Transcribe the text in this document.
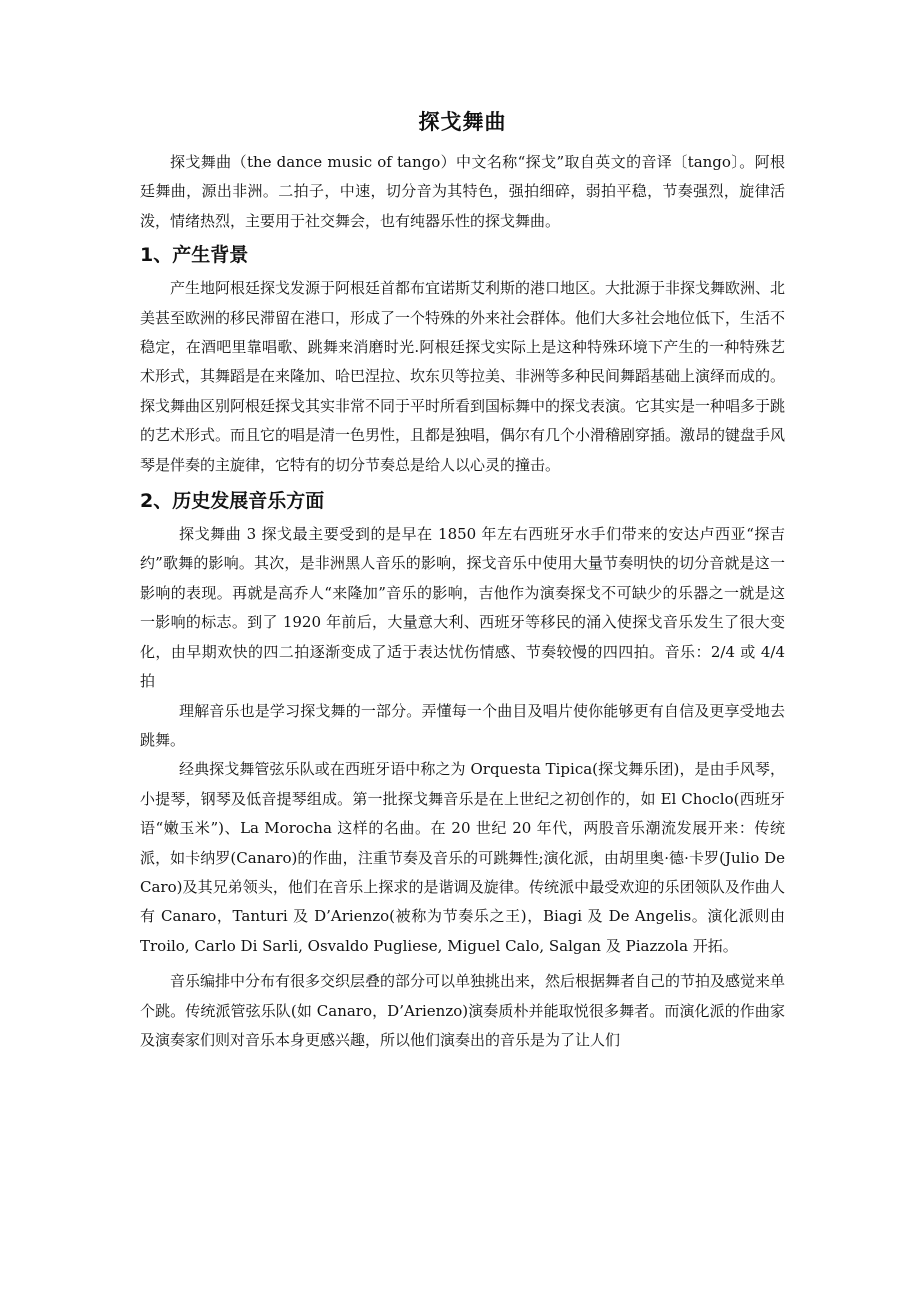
探戈舞曲

探戈舞曲（the dance music of tango）中文名称“探戈”取自英文的音译〔tango〕。阿根廷舞曲，源出非洲。二拍子，中速，切分音为其特色，强拍细碎，弱拍平稳，节奏强烈，旋律活泼，情绪热烈，主要用于社交舞会，也有纯器乐性的探戈舞曲。

1、产生背景

产生地阿根廷探戈发源于阿根廷首都布宜诺斯艾利斯的港口地区。大批源于非探戈舞欧洲、北美甚至欧洲的移民滞留在港口，形成了一个特殊的外来社会群体。他们大多社会地位低下，生活不稳定，在酒吧里靠唱歌、跳舞来消磨时光.阿根廷探戈实际上是这种特殊环境下产生的一种特殊艺术形式，其舞蹈是在来隆加、哈巴涅拉、坎东贝等拉美、非洲等多种民间舞蹈基础上演绎而成的。探戈舞曲区别阿根廷探戈其实非常不同于平时所看到国标舞中的探戈表演。它其实是一种唱多于跳的艺术形式。而且它的唱是清一色男性，且都是独唱，偶尔有几个小滑稽剧穿插。激昂的键盘手风琴是伴奏的主旋律，它特有的切分节奏总是给人以心灵的撞击。

2、历史发展音乐方面

探戈舞曲 3 探戈最主要受到的是早在 1850 年左右西班牙水手们带来的安达卢西亚“探吉约”歌舞的影响。其次，是非洲黑人音乐的影响，探戈音乐中使用大量节奏明快的切分音就是这一影响的表现。再就是高乔人“来隆加”音乐的影响，吉他作为演奏探戈不可缺少的乐器之一就是这一影响的标志。到了 1920 年前后，大量意大利、西班牙等移民的涌入使探戈音乐发生了很大变化，由早期欢快的四二拍逐渐变成了适于表达忧伤情感、节奏较慢的四四拍。音乐：2/4 或 4/4 拍

理解音乐也是学习探戈舞的一部分。弄懂每一个曲目及唱片使你能够更有自信及更享受地去跳舞。

经典探戈舞管弦乐队或在西班牙语中称之为 Orquesta Tipica(探戈舞乐团)，是由手风琴，小提琴，钢琴及低音提琴组成。第一批探戈舞音乐是在上世纪之初创作的，如 El Choclo(西班牙语“嫩玉米”)、La Morocha 这样的名曲。在 20 世纪 20 年代，两股音乐潮流发展开来：传统派，如卡纳罗(Canaro)的作曲，注重节奏及音乐的可跳舞性;演化派，由胡里奥·德·卡罗(Julio De Caro)及其兄弟领头，他们在音乐上探求的是谐调及旋律。传统派中最受欢迎的乐团领队及作曲人有 Canaro，Tanturi 及 D’Arienzo(被称为节奏乐之王)，Biagi 及 De Angelis。演化派则由 Troilo, Carlo Di Sarli, Osvaldo Pugliese, Miguel Calo, Salgan 及 Piazzola 开拓。

音乐编排中分布有很多交织层叠的部分可以单独挑出来，然后根据舞者自己的节拍及感觉来单个跳。传统派管弦乐队(如 Canaro，D’Arienzo)演奏质朴并能取悦很多舞者。而演化派的作曲家及演奏家们则对音乐本身更感兴趣，所以他们演奏出的音乐是为了让人们
